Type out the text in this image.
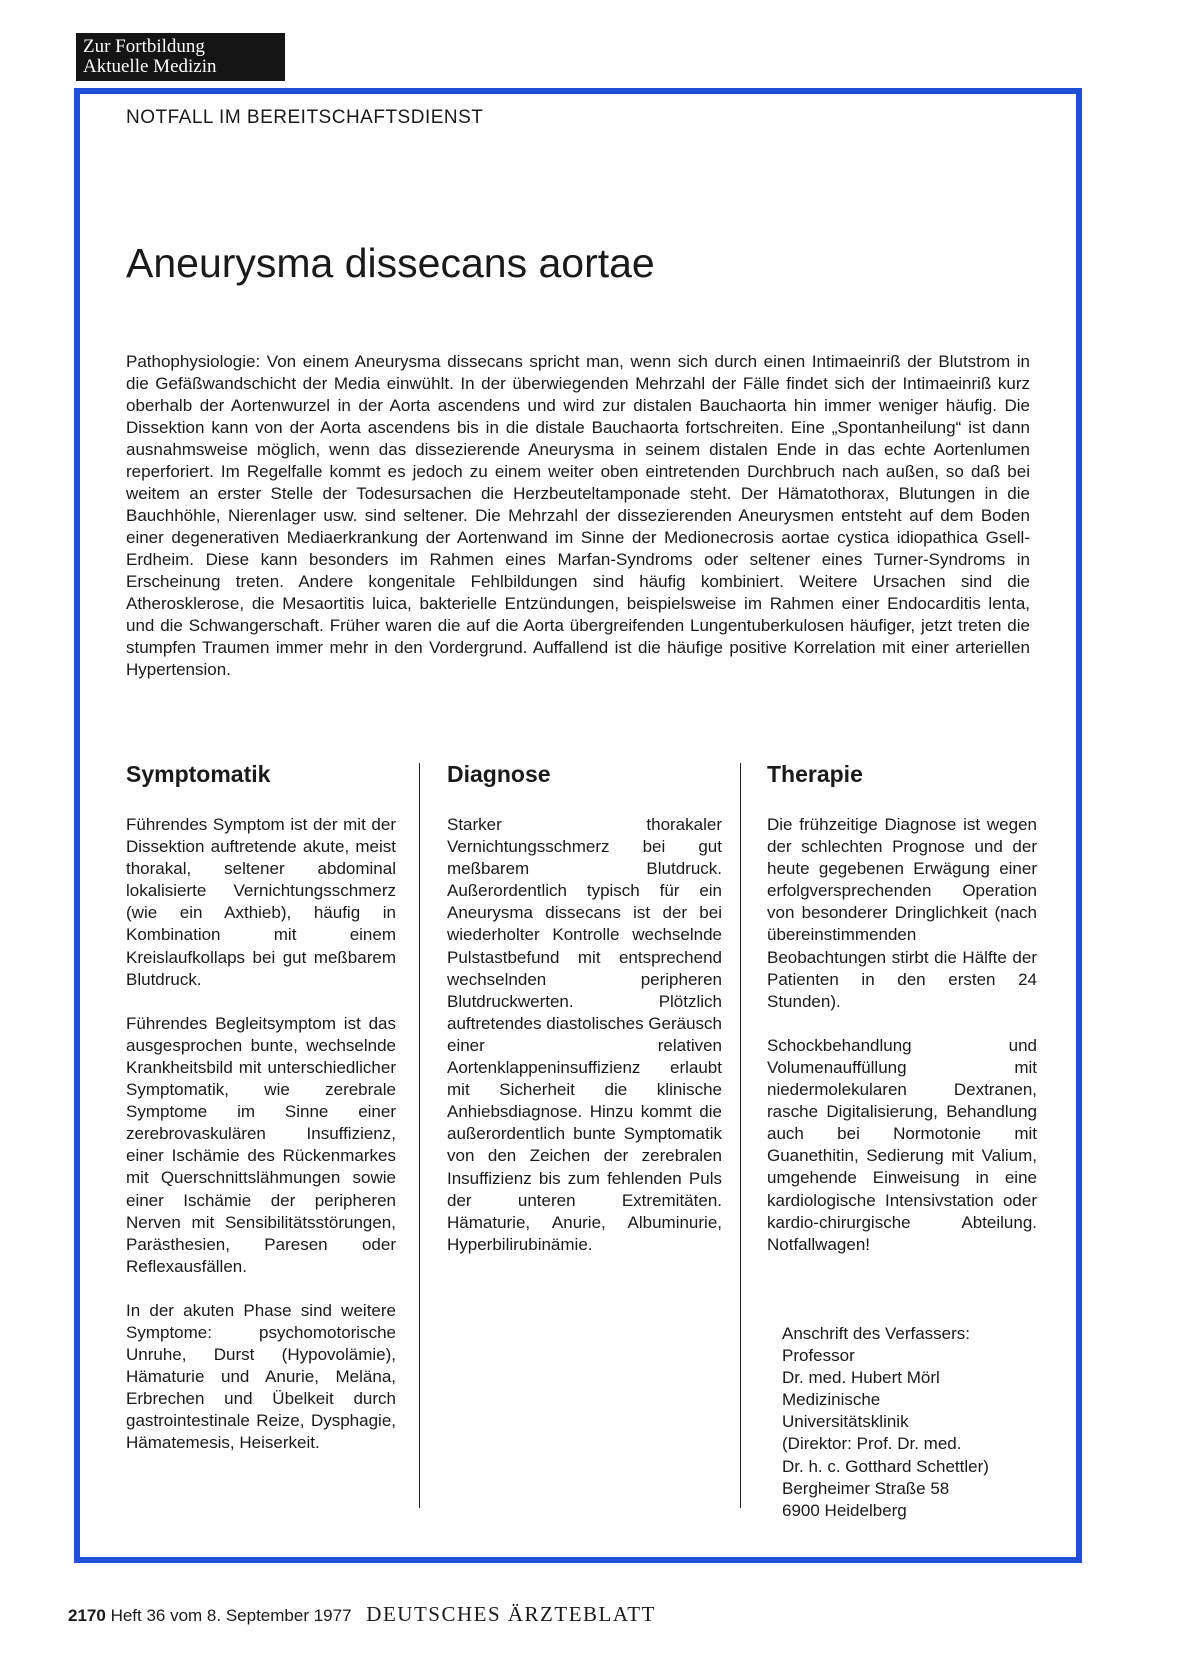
Zur Fortbildung
Aktuelle Medizin
NOTFALL IM BEREITSCHAFTSDIENST
Aneurysma dissecans aortae
Pathophysiologie: Von einem Aneurysma dissecans spricht man, wenn sich durch einen Intimaeinriß der Blutstrom in die Gefäßwandschicht der Media einwühlt. In der überwiegenden Mehrzahl der Fälle findet sich der Intimaeinriß kurz oberhalb der Aortenwurzel in der Aorta ascendens und wird zur distalen Bauchaorta hin immer weniger häufig. Die Dissektion kann von der Aorta ascendens bis in die distale Bauchaorta fortschreiten. Eine „Spontanheilung“ ist dann ausnahmsweise möglich, wenn das dissezierende Aneurysma in seinem distalen Ende in das echte Aortenlumen reperforiert. Im Regelfalle kommt es jedoch zu einem weiter oben eintretenden Durchbruch nach außen, so daß bei weitem an erster Stelle der Todesursachen die Herzbeuteltamponade steht. Der Hämatothorax, Blutungen in die Bauchhöhle, Nierenlager usw. sind seltener. Die Mehrzahl der dissezierenden Aneurysmen entsteht auf dem Boden einer degenerativen Mediaerkrankung der Aortenwand im Sinne der Medionecrosis aortae cystica idiopathica Gsell-Erdheim. Diese kann besonders im Rahmen eines Marfan-Syndroms oder seltener eines Turner-Syndroms in Erscheinung treten. Andere kongenitale Fehlbildungen sind häufig kombiniert. Weitere Ursachen sind die Atherosklerose, die Mesaortitis luica, bakterielle Entzündungen, beispielsweise im Rahmen einer Endocarditis lenta, und die Schwangerschaft. Früher waren die auf die Aorta übergreifenden Lungentuberkulosen häufiger, jetzt treten die stumpfen Traumen immer mehr in den Vordergrund. Auffallend ist die häufige positive Korrelation mit einer arteriellen Hypertension.
Symptomatik

Führendes Symptom ist der mit der Dissektion auftretende akute, meist thorakal, seltener abdominal lokalisierte Vernichtungsschmerz (wie ein Axthieb), häufig in Kombination mit einem Kreislaufkollaps bei gut meßbarem Blutdruck.

Führendes Begleitsymptom ist das ausgesprochen bunte, wechselnde Krankheitsbild mit unterschiedlicher Symptomatik, wie zerebrale Symptome im Sinne einer zerebrovaskulären Insuffizienz, einer Ischämie des Rückenmarkes mit Querschnittslähmungen sowie einer Ischämie der peripheren Nerven mit Sensibilitätsstörungen, Parästhesien, Paresen oder Reflexausfällen.

In der akuten Phase sind weitere Symptome: psychomotorische Unruhe, Durst (Hypovolämie), Hämaturie und Anurie, Meläna, Erbrechen und Übelkeit durch gastrointestinale Reize, Dysphagie, Hämatemesis, Heiserkeit.

Diagnose

Starker thorakaler Vernichtungsschmerz bei gut meßbarem Blutdruck. Außerordentlich typisch für ein Aneurysma dissecans ist der bei wiederholter Kontrolle wechselnde Pulstastbefund mit entsprechend wechselnden peripheren Blutdruckwerten. Plötzlich auftretendes diastolisches Geräusch einer relativen Aortenklappeninsuffizienz erlaubt mit Sicherheit die klinische Anhiebsdiagnose. Hinzu kommt die außerordentlich bunte Symptomatik von den Zeichen der zerebralen Insuffizienz bis zum fehlenden Puls der unteren Extremitäten. Hämaturie, Anurie, Albuminurie, Hyperbilirubinämie.

Therapie

Die frühzeitige Diagnose ist wegen der schlechten Prognose und der heute gegebenen Erwägung einer erfolgversprechenden Operation von besonderer Dringlichkeit (nach übereinstimmenden Beobachtungen stirbt die Hälfte der Patienten in den ersten 24 Stunden).

Schockbehandlung und Volumenauffüllung mit niedermolekularen Dextranen, rasche Digitalisierung, Behandlung auch bei Normotonie mit Guanethitin, Sedierung mit Valium, umgehende Einweisung in eine kardiologische Intensivstation oder kardio-chirurgische Abteilung. Notfallwagen!

Anschrift des Verfassers:
Professor
Dr. med. Hubert Mörl
Medizinische
Universitätsklinik
(Direktor: Prof. Dr. med.
Dr. h. c. Gotthard Schettler)
Bergheimer Straße 58
6900 Heidelberg
2170 Heft 36 vom 8. September 1977 DEUTSCHES ÄRZTEBLATT
